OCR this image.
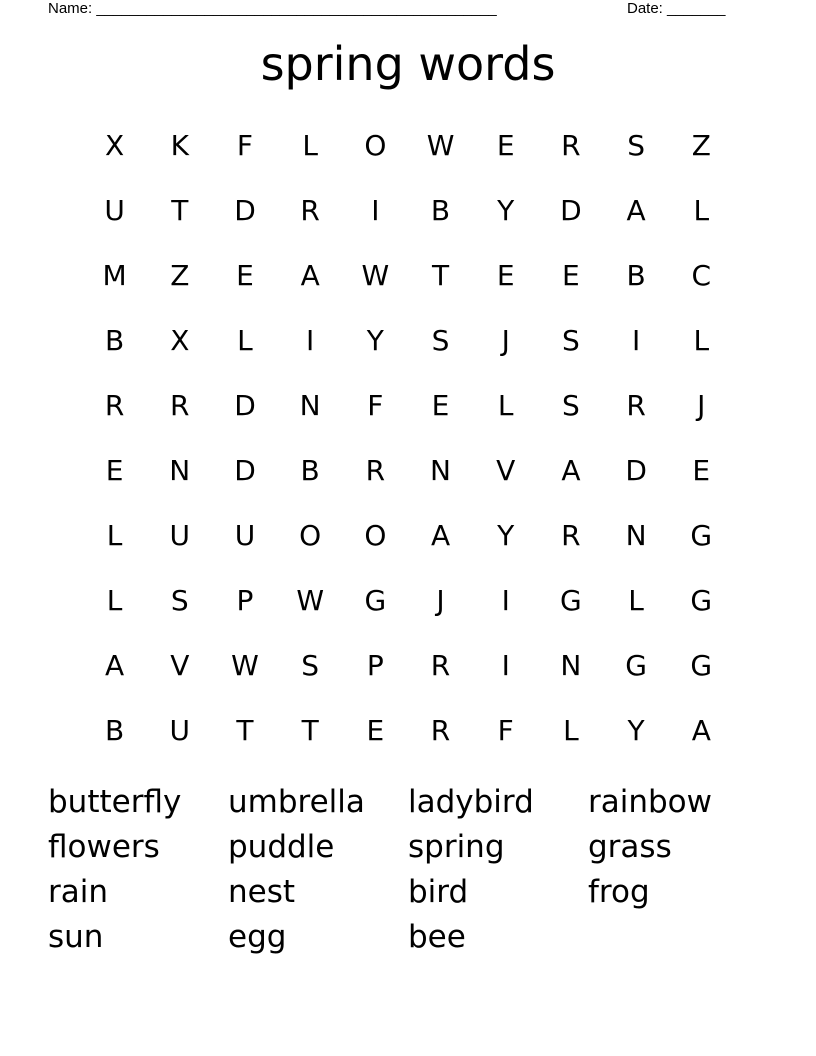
Name: ________________________________________________	Date: _______
spring words
X	K	F	L	O	W	E	R	S	Z
U	T	D	R	I	B	Y	D	A	L
M	Z	E	A	W	T	E	E	B	C
B	X	L	I	Y	S	J	S	I	L
R	R	D	N	F	E	L	S	R	J
E	N	D	B	R	N	V	A	D	E
L	U	U	O	O	A	Y	R	N	G
L	S	P	W	G	J	I	G	L	G
A	V	W	S	P	R	I	N	G	G
B	U	T	T	E	R	F	L	Y	A
butterfly	umbrella	ladybird	rainbow
flowers	puddle	spring	grass
rain	nest	bird	frog
sun	egg	bee
